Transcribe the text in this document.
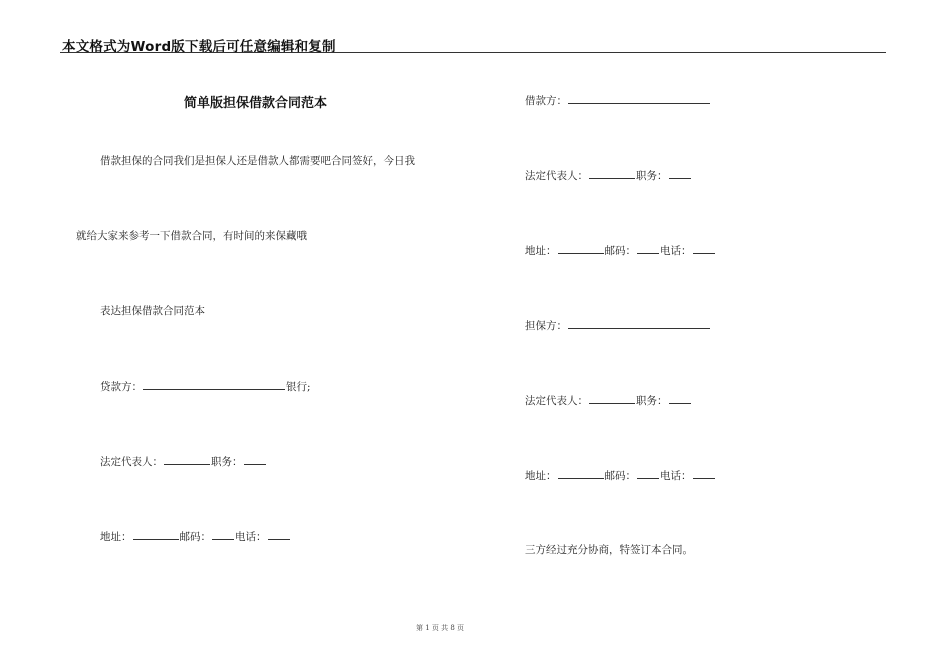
本文格式为Word版下载后可任意编辑和复制
简单版担保借款合同范本
借款担保的合同我们是担保人还是借款人都需要吧合同签好，今日我
就给大家来参考一下借款合同，有时间的来保藏哦
表达担保借款合同范本
贷款方：	银行;
法定代表人：	职务：
地址：	邮码： 电话：
借款方：
法定代表人：	职务：
地址：	邮码： 电话：
担保方：
法定代表人：	职务：
地址：	邮码： 电话：
三方经过充分协商，特签订本合同。
第 1 页 共 8 页
